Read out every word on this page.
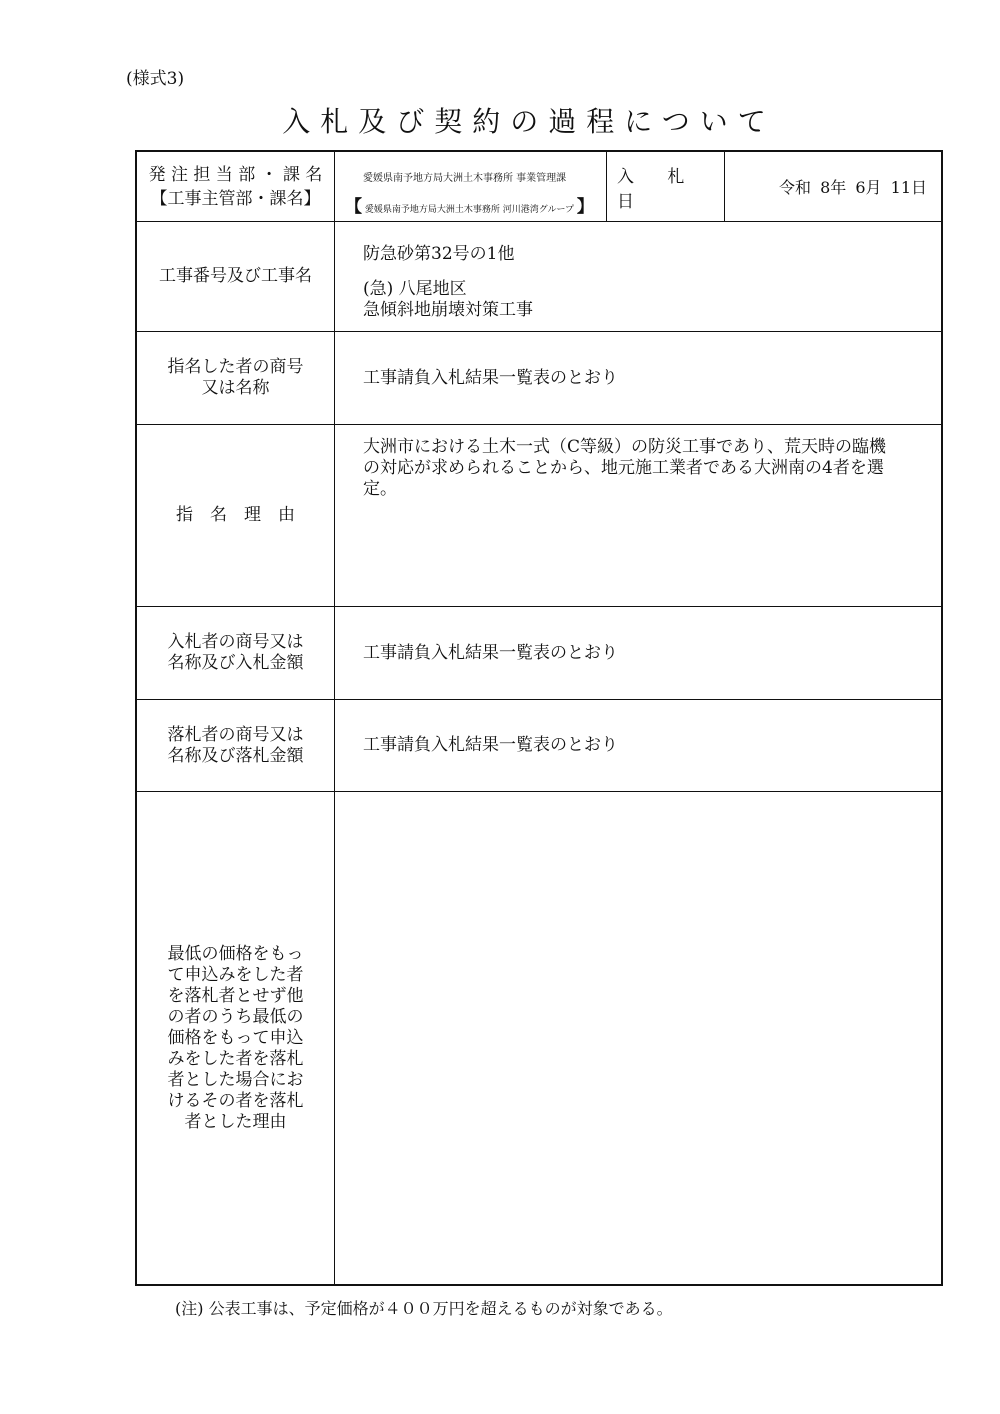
(様式3)
入札及び契約の過程について
発 注 担 当 部 ・ 課 名
【工事主管部・課名】
愛媛県南予地方局大洲土木事務所 事業管理課
【 愛媛県南予地方局大洲土木事務所 河川港湾グループ 】
入 札 日
令和 8年 6月 11日
工事番号及び工事名
防急砂第32号の1他
(急) 八尾地区
急傾斜地崩壊対策工事
指名した者の商号
又は名称
工事請負入札結果一覧表のとおり
指　名　理　由
大洲市における土木一式（C等級）の防災工事であり、荒天時の臨機
の対応が求められることから、地元施工業者である大洲南の4者を選
定。
入札者の商号又は
名称及び入札金額
工事請負入札結果一覧表のとおり
落札者の商号又は
名称及び落札金額
工事請負入札結果一覧表のとおり
最低の価格をもっ
て申込みをした者
を落札者とせず他
の者のうち最低の
価格をもって申込
みをした者を落札
者とした場合にお
けるその者を落札
者とした理由
(注) 公表工事は、予定価格が４００万円を超えるものが対象である。
